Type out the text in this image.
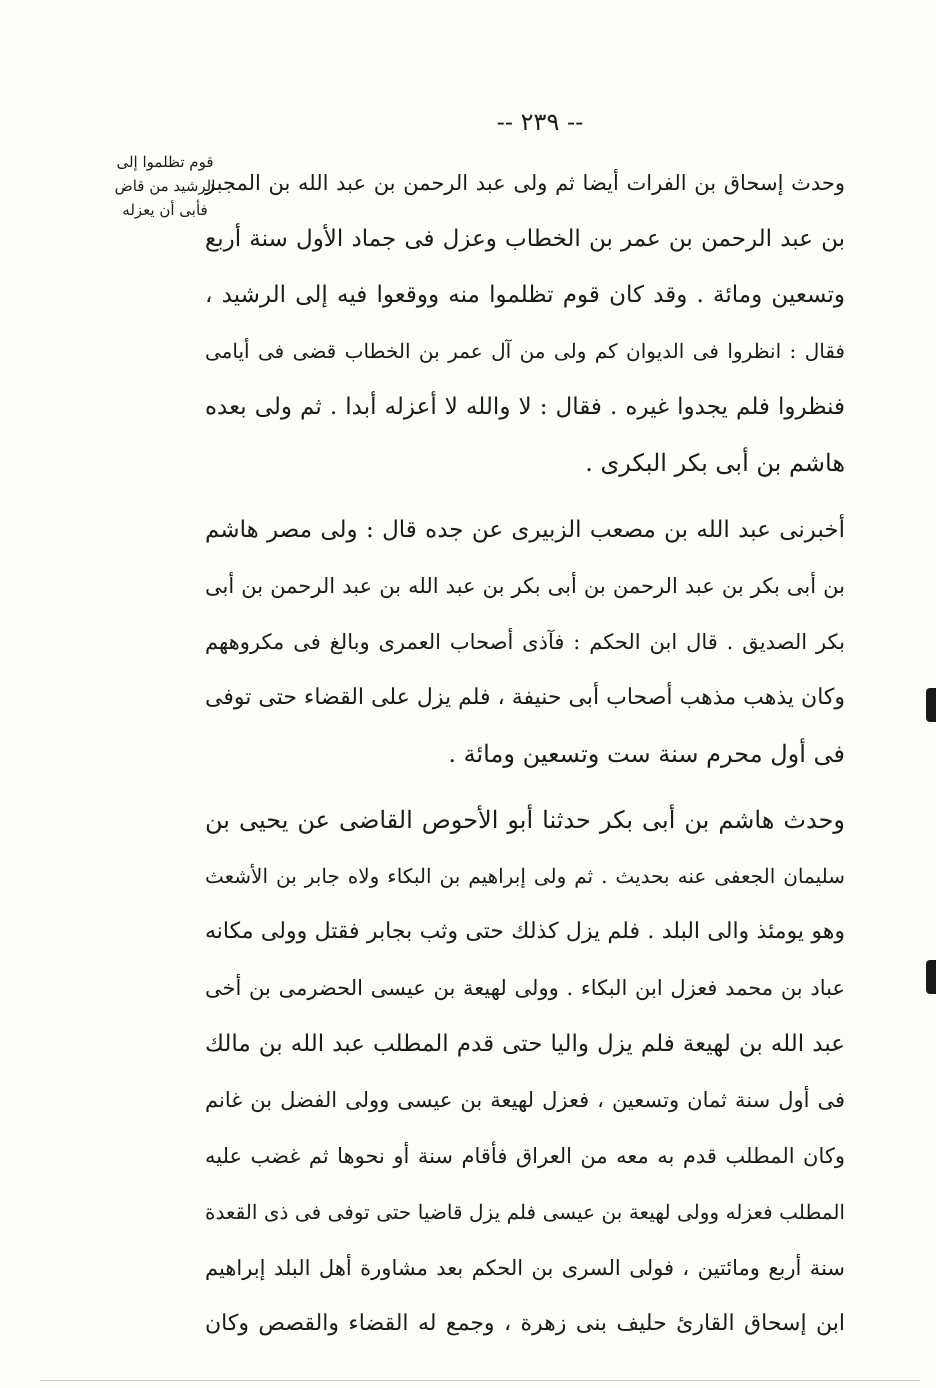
-- ٢٣٩ --
قوم تظلموا إلى
الرشيد من قاض
فأبى أن يعزله
وحدث إسحاق بن الفرات أيضا ثم ولى عبد الرحمن بن عبد الله بن المجبر
بن عبد الرحمن بن عمر بن الخطاب وعزل فى جماد الأول سنة أربع
وتسعين ومائة . وقد كان قوم تظلموا منه ووقعوا فيه إلى الرشيد ،
فقال : انظروا فى الديوان كم ولى من آل عمر بن الخطاب قضى فى أيامى
فنظروا فلم يجدوا غيره . فقال : لا والله لا أعزله أبدا . ثم ولى بعده
هاشم بن أبى بكر البكرى .
أخبرنى عبد الله بن مصعب الزبيرى عن جده قال : ولى مصر هاشم
بن أبى بكر بن عبد الرحمن بن أبى بكر بن عبد الله بن عبد الرحمن بن أبى
بكر الصديق . قال ابن الحكم : فآذى أصحاب العمرى وبالغ فى مكروههم
وكان يذهب مذهب أصحاب أبى حنيفة ، فلم يزل على القضاء حتى توفى
فى أول محرم سنة ست وتسعين ومائة .
وحدث هاشم بن أبى بكر حدثنا أبو الأحوص القاضى عن يحيى بن
سليمان الجعفى عنه بحديث . ثم ولى إبراهيم بن البكاء ولاه جابر بن الأشعث
وهو يومئذ والى البلد . فلم يزل كذلك حتى وثب بجابر فقتل وولى مكانه
عباد بن محمد فعزل ابن البكاء . وولى لهيعة بن عيسى الحضرمى بن أخى
عبد الله بن لهيعة فلم يزل واليا حتى قدم المطلب عبد الله بن مالك
فى أول سنة ثمان وتسعين ، فعزل لهيعة بن عيسى وولى الفضل بن غانم
وكان المطلب قدم به معه من العراق فأقام سنة أو نحوها ثم غضب عليه
المطلب فعزله وولى لهيعة بن عيسى فلم يزل قاضيا حتى توفى فى ذى القعدة
سنة أربع ومائتين ، فولى السرى بن الحكم بعد مشاورة أهل البلد إبراهيم
ابن إسحاق القارئ حليف بنى زهرة ، وجمع له القضاء والقصص وكان
